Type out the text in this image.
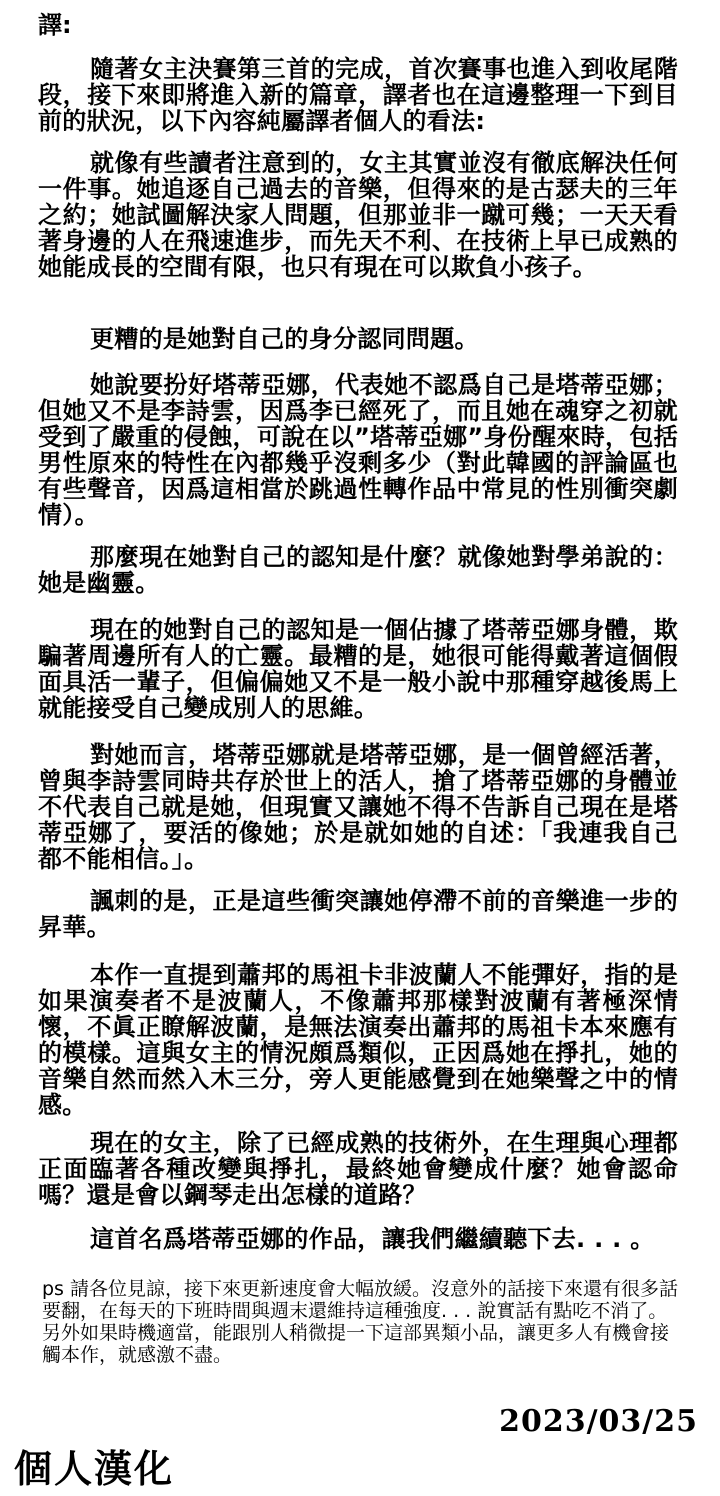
譯:

隨著女主決賽第三首的完成，首次賽事也進入到收尾階段，接下來即將進入新的篇章，譯者也在這邊整理一下到目前的狀況，以下內容純屬譯者個人的看法:

就像有些讀者注意到的，女主其實並沒有徹底解決任何一件事。她追逐自己過去的音樂，但得來的是古瑟夫的三年之約；她試圖解決家人問題，但那並非一蹴可幾；一天天看著身邊的人在飛速進步，而先天不利、在技術上早已成熟的她能成長的空間有限，也只有現在可以欺負小孩子。

更糟的是她對自己的身分認同問題。

她說要扮好塔蒂亞娜，代表她不認爲自己是塔蒂亞娜；但她又不是李詩雲，因爲李已經死了，而且她在魂穿之初就受到了嚴重的侵蝕，可說在以”塔蒂亞娜”身份醒來時，包括男性原來的特性在內都幾乎沒剩多少（對此韓國的評論區也有些聲音，因爲這相當於跳過性轉作品中常見的性別衝突劇情）。

那麼現在她對自己的認知是什麼？就像她對學弟說的：她是幽靈。

現在的她對自己的認知是一個佔據了塔蒂亞娜身體，欺騙著周邊所有人的亡靈。最糟的是，她很可能得戴著這個假面具活一輩子，但偏偏她又不是一般小說中那種穿越後馬上就能接受自己變成別人的思維。

對她而言，塔蒂亞娜就是塔蒂亞娜，是一個曾經活著，曾與李詩雲同時共存於世上的活人，搶了塔蒂亞娜的身體並不代表自己就是她，但現實又讓她不得不告訴自己現在是塔蒂亞娜了，要活的像她；於是就如她的自述：「我連我自己都不能相信。」。

諷刺的是，正是這些衝突讓她停滯不前的音樂進一步的昇華。

本作一直提到蕭邦的馬祖卡非波蘭人不能彈好，指的是如果演奏者不是波蘭人，不像蕭邦那樣對波蘭有著極深情懷，不眞正瞭解波蘭，是無法演奏出蕭邦的馬祖卡本來應有的模樣。這與女主的情況頗爲類似，正因爲她在掙扎，她的音樂自然而然入木三分，旁人更能感覺到在她樂聲之中的情感。

現在的女主，除了已經成熟的技術外，在生理與心理都正面臨著各種改變與掙扎，最終她會變成什麼？她會認命嗎？還是會以鋼琴走出怎樣的道路？

這首名爲塔蒂亞娜的作品，讓我們繼續聽下去. . . 。

ps 請各位見諒，接下來更新速度會大幅放緩。沒意外的話接下來還有很多話要翻，在每天的下班時間與週末還維持這種強度. . . 說實話有點吃不消了。另外如果時機適當，能跟別人稍微提一下這部異類小品，讓更多人有機會接觸本作，就感激不盡。

2023/03/25
個人漢化
